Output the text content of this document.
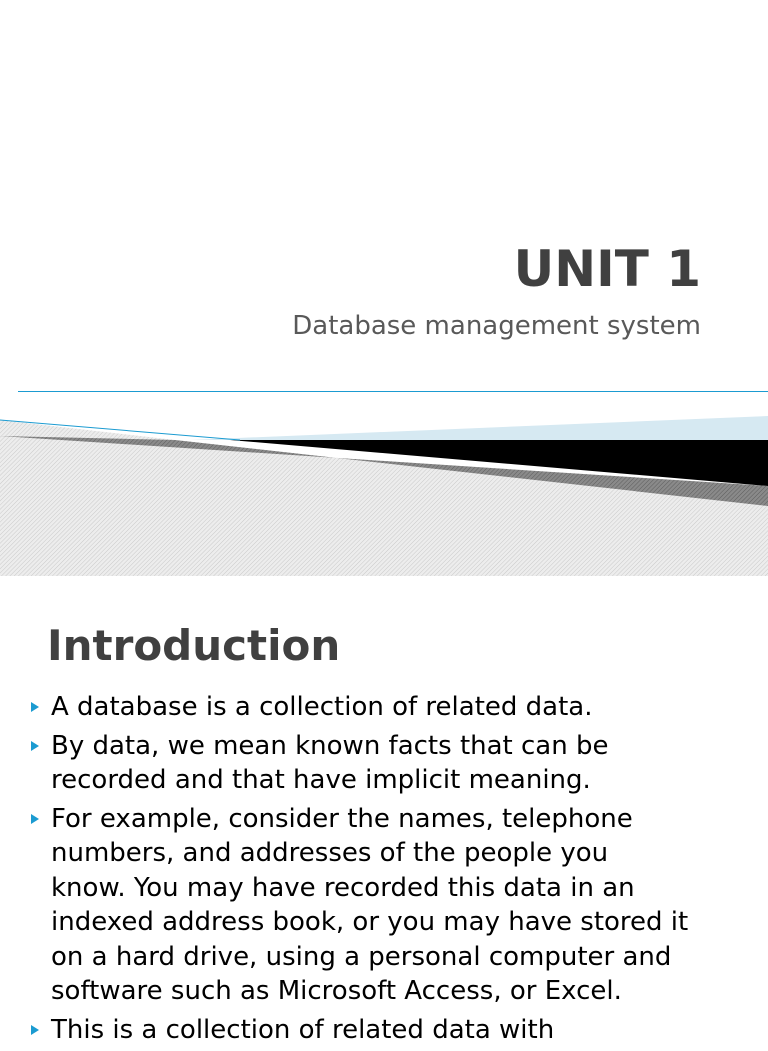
UNIT 1

Database management system

Introduction
A database is a collection of related data.
By data, we mean known facts that can be
recorded and that have implicit meaning.
For example, consider the names, telephone
numbers, and addresses of the people you
know. You may have recorded this data in an
indexed address book, or you may have stored it
on a hard drive, using a personal computer and
software such as Microsoft Access, or Excel.
This is a collection of related data with
